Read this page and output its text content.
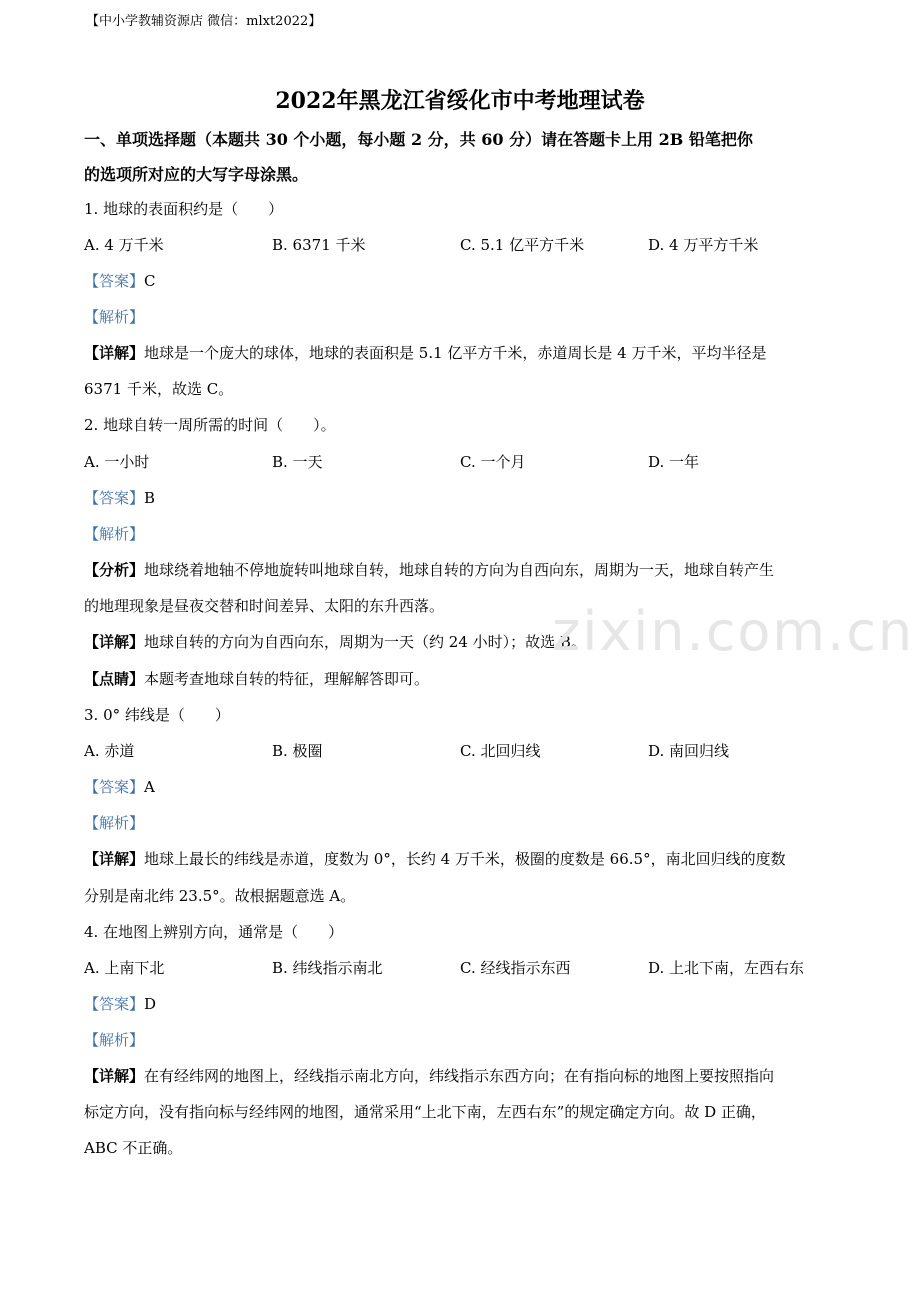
【中小学教辅资源店 微信：mlxt2022】
2022年黑龙江省绥化市中考地理试卷
一、单项选择题（本题共 30 个小题，每小题 2 分，共 60 分）请在答题卡上用 2B 铅笔把你
的选项所对应的大写字母涂黑。
1. 地球的表面积约是（　　）
A. 4 万千米	B. 6371 千米	C. 5.1 亿平方千米	D. 4 万平方千米
【答案】C
【解析】
【详解】地球是一个庞大的球体，地球的表面积是 5.1 亿平方千米，赤道周长是 4 万千米，平均半径是
6371 千米，故选 C。
2. 地球自转一周所需的时间（　　）。
A. 一小时	B. 一天	C. 一个月	D. 一年
【答案】B
【解析】
【分析】地球绕着地轴不停地旋转叫地球自转，地球自转的方向为自西向东，周期为一天，地球自转产生
的地理现象是昼夜交替和时间差异、太阳的东升西落。
【详解】地球自转的方向为自西向东，周期为一天（约 24 小时）；故选 B。
【点睛】本题考查地球自转的特征，理解解答即可。
3. 0° 纬线是（　　）
A. 赤道	B. 极圈	C. 北回归线	D. 南回归线
【答案】A
【解析】
【详解】地球上最长的纬线是赤道，度数为 0°，长约 4 万千米，极圈的度数是 66.5°，南北回归线的度数
分别是南北纬 23.5°。故根据题意选 A。
4. 在地图上辨别方向，通常是（　　）
A. 上南下北	B. 纬线指示南北	C. 经线指示东西	D. 上北下南，左西右东
【答案】D
【解析】
【详解】在有经纬网的地图上，经线指示南北方向，纬线指示东西方向；在有指向标的地图上要按照指向
标定方向，没有指向标与经纬网的地图，通常采用“上北下南，左西右东”的规定确定方向。故 D 正确，
ABC 不正确。
zixin.com.cn
